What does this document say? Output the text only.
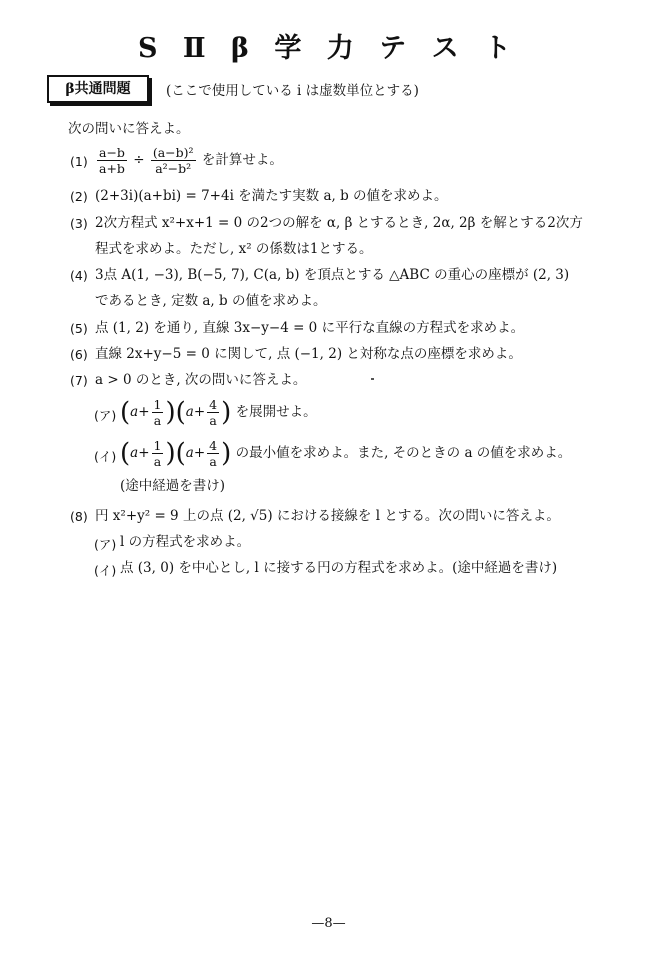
S Ⅱ β 学 力 テ ス ト
β共通問題	(ここで使用している i は虚数単位とする)
次の問いに答えよ。
$(1) \frac{a-b}{a+b} \div \frac{\text{(a−b)²}}{\text{a²−b²}}$ を計算せよ。
(2) (2+3i)(a+bi) = 7+4i を満たす実数 a, b の値を求めよ。
(3) 2次方程式 x²+x+1 = 0 の2つの解を α, β とするとき, 2α, 2β を解とする2次方
程式を求めよ。ただし, x² の係数は1とする。
(4) 3点 A(1, −3), B(−5, 7), C(a, b) を頂点とする △ABC の重心の座標が (2, 3)
であるとき, 定数 a, b の値を求めよ。
(5) 点 (1, 2) を通り, 直線 3x−y−4 = 0 に平行な直線の方程式を求めよ。
(6) 直線 2x+y−5 = 0 に関して, 点 (−1, 2) と対称な点の座標を求めよ。
(7) a > 0 のとき, 次の問いに答えよ。
(ア) $(a+ \frac{1}{a} )(a+ \frac{4}{a}$ ) を展開せよ。
(イ) $(a+ \frac{1}{a} )(a+ \frac{4}{a}$ ) の最小値を求めよ。また, そのときの a の値を求めよ。
(途中経過を書け)
(8) 円 x²+y² = 9 上の点 (2, √5) における接線を l とする。次の問いに答えよ。
(ア) l の方程式を求めよ。
(イ) 点 (3, 0) を中心とし, l に接する円の方程式を求めよ。(途中経過を書け)
—8—
